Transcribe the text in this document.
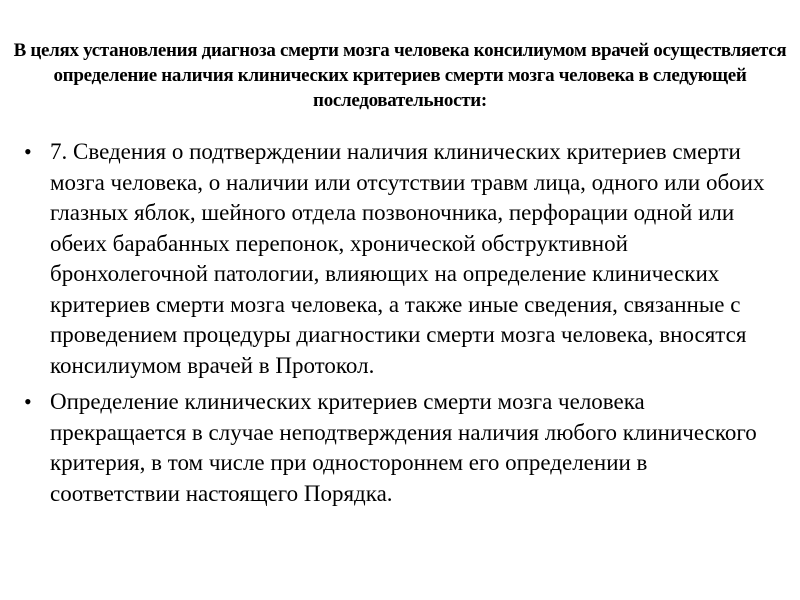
В целях установления диагноза смерти мозга человека консилиумом врачей осуществляется определение наличия клинических критериев смерти мозга человека в следующей последовательности:
• 7. Сведения о подтверждении наличия клинических критериев смерти мозга человека, о наличии или отсутствии травм лица, одного или обоих глазных яблок, шейного отдела позвоночника, перфорации одной или обеих барабанных перепонок, хронической обструктивной бронхолегочной патологии, влияющих на определение клинических критериев смерти мозга человека, а также иные сведения, связанные с проведением процедуры диагностики смерти мозга человека, вносятся консилиумом врачей в Протокол.
• Определение клинических критериев смерти мозга человека прекращается в случае неподтверждения наличия любого клинического критерия, в том числе при одностороннем его определении в соответствии настоящего Порядка.
